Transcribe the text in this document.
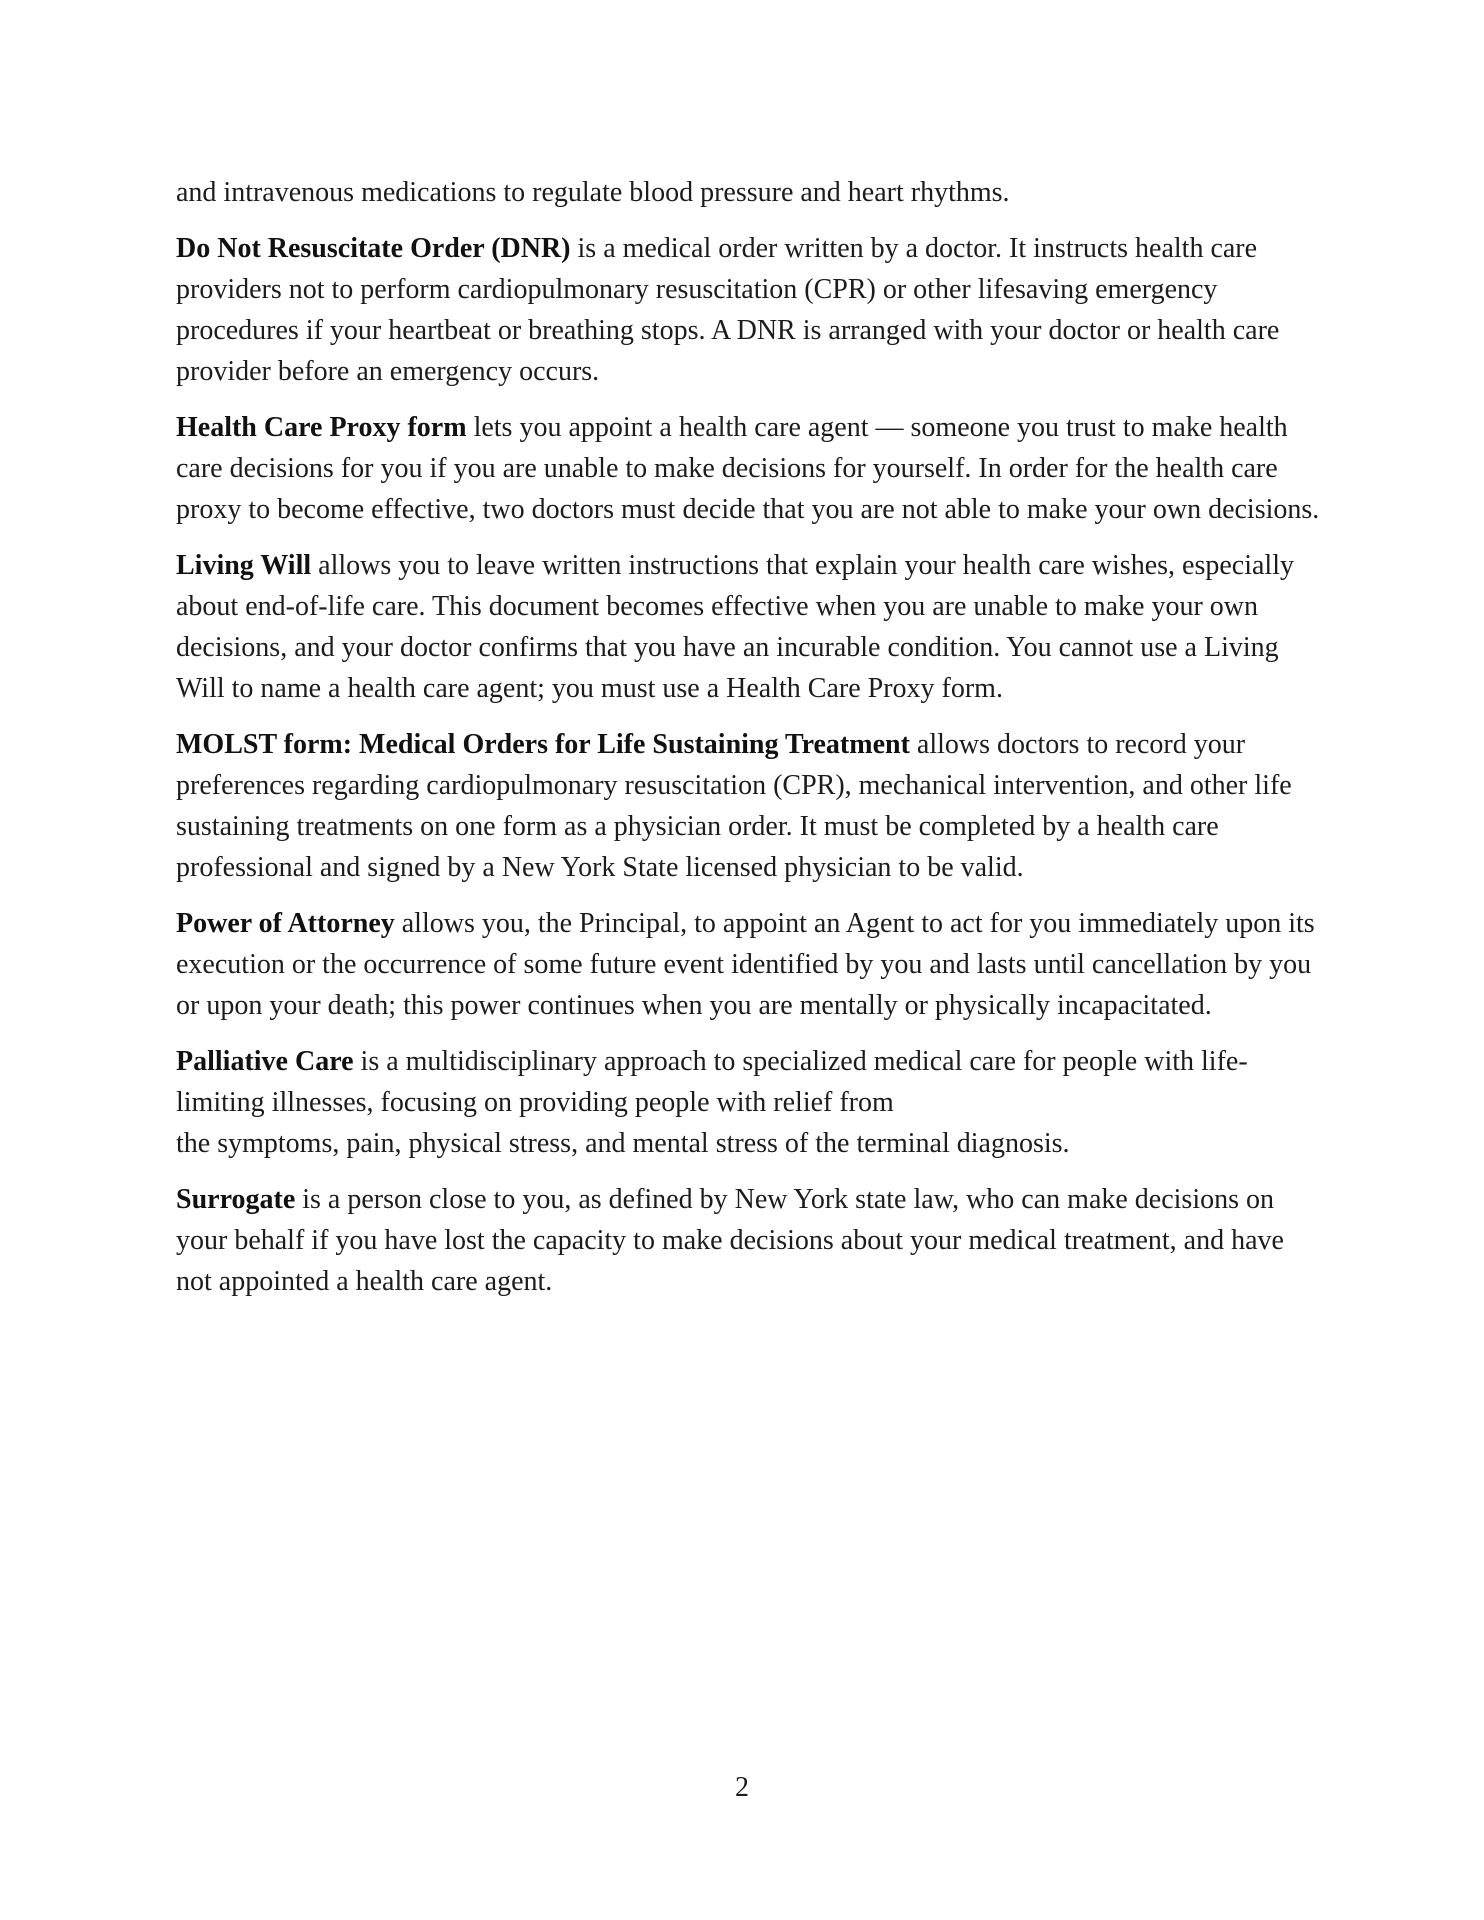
and intravenous medications to regulate blood pressure and heart rhythms.

Do Not Resuscitate Order (DNR) is a medical order written by a doctor. It instructs health care providers not to perform cardiopulmonary resuscitation (CPR) or other lifesaving emergency procedures if your heartbeat or breathing stops. A DNR is arranged with your doctor or health care provider before an emergency occurs.

Health Care Proxy form lets you appoint a health care agent — someone you trust to make health care decisions for you if you are unable to make decisions for yourself. In order for the health care proxy to become effective, two doctors must decide that you are not able to make your own decisions.

Living Will allows you to leave written instructions that explain your health care wishes, especially about end-of-life care. This document becomes effective when you are unable to make your own decisions, and your doctor confirms that you have an incurable condition. You cannot use a Living Will to name a health care agent; you must use a Health Care Proxy form.

MOLST form: Medical Orders for Life Sustaining Treatment allows doctors to record your preferences regarding cardiopulmonary resuscitation (CPR), mechanical intervention, and other life sustaining treatments on one form as a physician order. It must be completed by a health care professional and signed by a New York State licensed physician to be valid.

Power of Attorney allows you, the Principal, to appoint an Agent to act for you immediately upon its execution or the occurrence of some future event identified by you and lasts until cancellation by you or upon your death; this power continues when you are mentally or physically incapacitated.

Palliative Care is a multidisciplinary approach to specialized medical care for people with life-limiting illnesses, focusing on providing people with relief from
the symptoms, pain, physical stress, and mental stress of the terminal diagnosis.

Surrogate is a person close to you, as defined by New York state law, who can make decisions on your behalf if you have lost the capacity to make decisions about your medical treatment, and have not appointed a health care agent.

2
